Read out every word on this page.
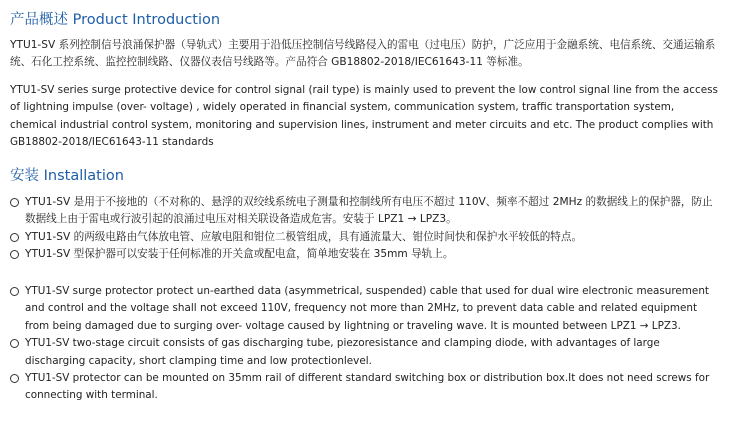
产品概述 Product Introduction
YTU1-SV 系列控制信号浪涌保护器（导轨式）主要用于沿低压控制信号线路侵入的雷电（过电压）防护，广泛应用于金融系统、电信系统、交通运输系统、石化工控系统、监控控制线路、仪器仪表信号线路等。产品符合 GB18802-2018/IEC61643-11 等标准。
YTU1-SV series surge protective device for control signal (rail type) is mainly used to prevent the low control signal line from the access of lightning impulse (over- voltage) , widely operated in financial system, communication system, traffic transportation system, chemical industrial control system, monitoring and supervision lines, instrument and meter circuits and etc. The product complies with GB18802-2018/IEC61643-11 standards
安装 Installation
YTU1-SV 是用于不接地的（不对称的、悬浮的双绞线系统电子测量和控制线所有电压不超过 110V、频率不超过 2MHz 的数据线上的保护器，防止数据线上由于雷电或行波引起的浪涌过电压对相关联设备造成危害。安装于 LPZ1 → LPZ3。
YTU1-SV 的两级电路由气体放电管、应敏电阻和钳位二极管组成，具有通流量大、钳位时间快和保护水平较低的特点。
YTU1-SV 型保护器可以安装于任何标准的开关盒或配电盒，简单地安装在 35mm 导轨上。
YTU1-SV surge protector protect un-earthed data (asymmetrical, suspended) cable that used for dual wire electronic measurement and control and the voltage shall not exceed 110V, frequency not more than 2MHz, to prevent data cable and related equipment from being damaged due to surging over- voltage caused by lightning or traveling wave. It is mounted between LPZ1 → LPZ3.
YTU1-SV two-stage circuit consists of gas discharging tube, piezoresistance and clamping diode, with advantages of large discharging capacity, short clamping time and low protectionlevel.
YTU1-SV protector can be mounted on 35mm rail of different standard switching box or distribution box.It does not need screws for connecting with terminal.
